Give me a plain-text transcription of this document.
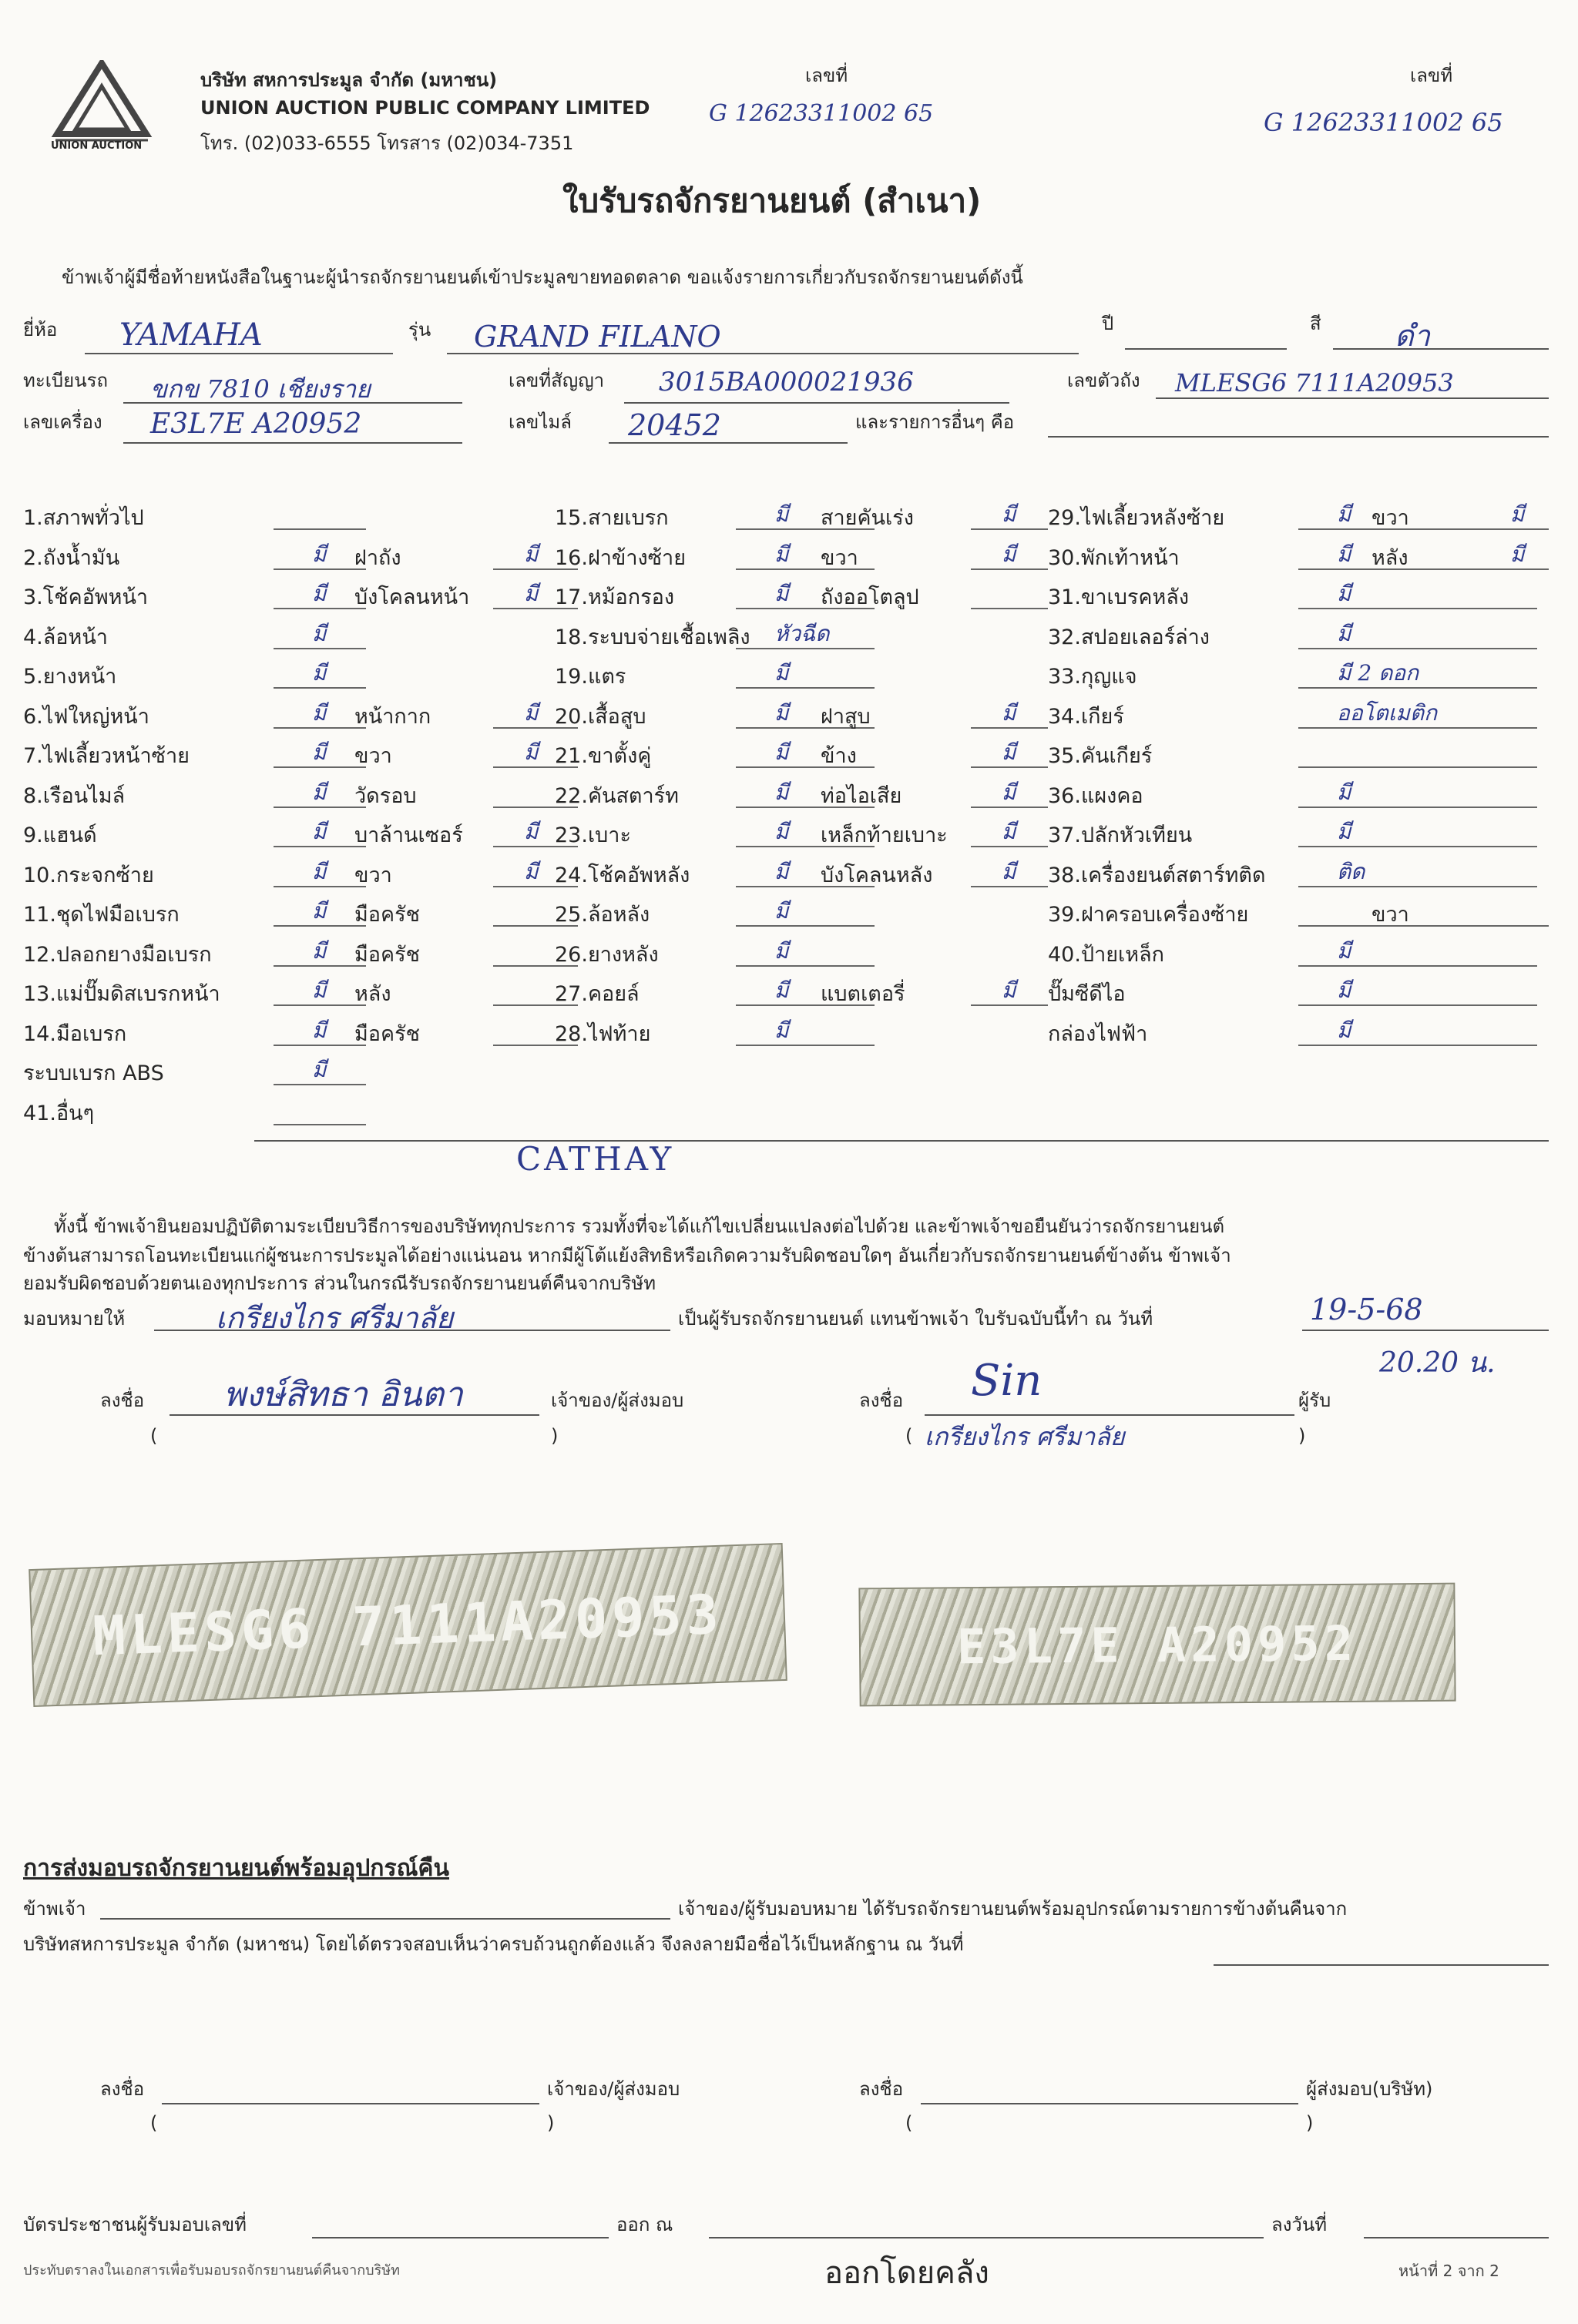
UNION AUCTION
บริษัท สหการประมูล จำกัด (มหาชน)
UNION AUCTION PUBLIC COMPANY LIMITED
โทร. (02)033-6555 โทรสาร (02)034-7351
เลขที่
G 12623311002 65
เลขที่
G 12623311002 65
ใบรับรถจักรยานยนต์ (สำเนา)
ข้าพเจ้าผู้มีชื่อท้ายหนังสือในฐานะผู้นำรถจักรยานยนต์เข้าประมูลขายทอดตลาด ขอแจ้งรายการเกี่ยวกับรถจักรยานยนต์ดังนี้
ยี่ห้อ YAMAHA	รุ่น GRAND FILANO	ปี	สี	ดำ
ทะเบียนรถ ขกข 7810 เชียงราย	เลขที่สัญญา 3015BA000021936	เลขตัวถัง MLESG6 7111A20953
เลขเครื่อง E3L7E A20952	เลขไมล์ 20452	และรายการอื่นๆ คือ
1.สภาพทั่วไป
2.ถังน้ำมัน	มี ฝาถัง	มี
3.โช้คอัพหน้า	มี บังโคลนหน้า	มี
4.ล้อหน้า	มี
5.ยางหน้า	มี
6.ไฟใหญ่หน้า	มี หน้ากาก	มี
7.ไฟเลี้ยวหน้าซ้าย	มี ขวา	มี
8.เรือนไมล์	มี วัดรอบ
9.แฮนด์	มี บาล้านเซอร์	มี
10.กระจกซ้าย	มี ขวา	มี
11.ชุดไฟมือเบรก	มี มือครัช
12.ปลอกยางมือเบรก	มี มือครัช
13.แม่ปั๊มดิสเบรกหน้า	มี หลัง
14.มือเบรก	มี มือครัช
ระบบเบรก ABS	มี
41.อื่นๆ
15.สายเบรก	มี สายคันเร่ง	มี
16.ฝาข้างซ้าย	มี ขวา	มี
17.หม้อกรอง	มี ถังออโตลูป
18.ระบบจ่ายเชื้อเพลิง หัวฉีด
19.แตร	มี
20.เสื้อสูบ	มี ฝาสูบ	มี
21.ขาตั้งคู่	มี ข้าง	มี
22.คันสตาร์ท	มี ท่อไอเสีย	มี
23.เบาะ	มี เหล็กท้ายเบาะ	มี
24.โช้คอัพหลัง	มี บังโคลนหลัง	มี
25.ล้อหลัง	มี
26.ยางหลัง	มี
27.คอยล์	มี แบตเตอรี่	มี
28.ไฟท้าย	มี
29.ไฟเลี้ยวหลังซ้าย	มี ขวา	มี
30.พักเท้าหน้า	มี หลัง	มี
31.ขาเบรคหลัง	มี
32.สปอยเลอร์ล่าง	มี
33.กุญแจ	มี 2 ดอก
34.เกียร์	ออโตเมติก
35.คันเกียร์
36.แผงคอ	มี
37.ปลักหัวเทียน	มี
38.เครื่องยนต์สตาร์ทติด	ติด
39.ฝาครอบเครื่องซ้าย	ขวา
40.ป้ายเหล็ก	มี
ปั๊มซีดีไอ	มี
กล่องไฟฟ้า	มี
CATHAY
ทั้งนี้ ข้าพเจ้ายินยอมปฏิบัติตามระเบียบวิธีการของบริษัททุกประการ รวมทั้งที่จะได้แก้ไขเปลี่ยนแปลงต่อไปด้วย และข้าพเจ้าขอยืนยันว่ารถจักรยานยนต์
ข้างต้นสามารถโอนทะเบียนแก่ผู้ชนะการประมูลได้อย่างแน่นอน หากมีผู้โต้แย้งสิทธิหรือเกิดความรับผิดชอบใดๆ อันเกี่ยวกับรถจักรยานยนต์ข้างต้น ข้าพเจ้า
ยอมรับผิดชอบด้วยตนเองทุกประการ ส่วนในกรณีรับรถจักรยานยนต์คืนจากบริษัท
มอบหมายให้	เกรียงไกร ศรีมาลัย	เป็นผู้รับรถจักรยานยนต์ แทนข้าพเจ้า ใบรับฉบับนี้ทำ ณ วันที่	19-5-68
20.20 น.
ลงชื่อ พงษ์สิทธา อินตา	เจ้าของ/ผู้ส่งมอบ
(	)
ลงชื่อ Sin	ผู้รับ
( เกรียงไกร ศรีมาลัย	)
MLESG6 7111A20953	E3L7E A20952
การส่งมอบรถจักรยานยนต์พร้อมอุปกรณ์คืน
ข้าพเจ้า	เจ้าของ/ผู้รับมอบหมาย ได้รับรถจักรยานยนต์พร้อมอุปกรณ์ตามรายการข้างต้นคืนจาก
บริษัทสหการประมูล จำกัด (มหาชน) โดยได้ตรวจสอบเห็นว่าครบถ้วนถูกต้องแล้ว จึงลงลายมือชื่อไว้เป็นหลักฐาน ณ วันที่
ลงชื่อ	เจ้าของ/ผู้ส่งมอบ
(	)
ลงชื่อ	ผู้ส่งมอบ(บริษัท)
(	)
บัตรประชาชนผู้รับมอบเลขที่	ออก ณ	ลงวันที่
ประทับตราลงในเอกสารเพื่อรับมอบรถจักรยานยนต์คืนจากบริษัท	ออกโดยคลัง	หน้าที่ 2 จาก 2
